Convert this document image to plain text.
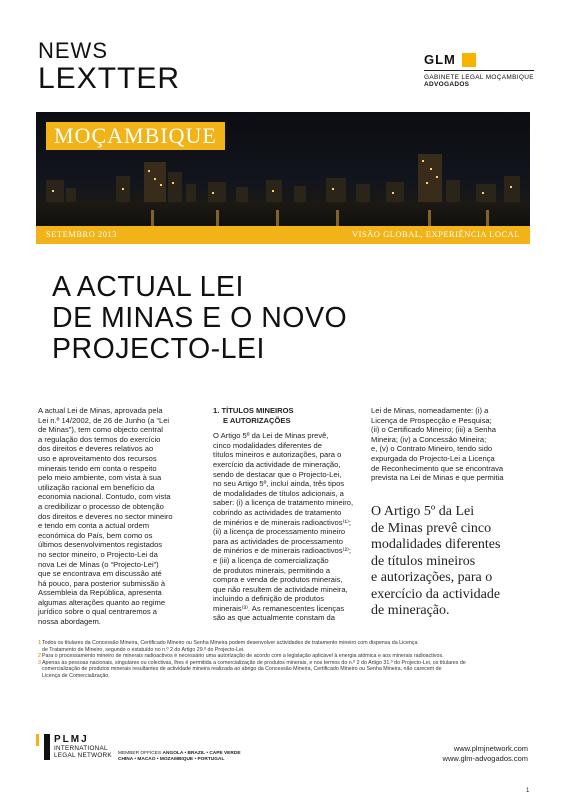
NEWS
LEXTTER
GLM
GABINETE LEGAL MOÇAMBIQUE
ADVOGADOS
MOÇAMBIQUE
SETEMBRO 2013	VISÃO GLOBAL, EXPERIÊNCIA LOCAL
A ACTUAL LEI
DE MINAS E O NOVO
PROJECTO-LEI
A actual Lei de Minas, aprovada pela
Lei n.º 14/2002, de 26 de Junho (a “Lei
de Minas”), tem como objecto central
a regulação dos termos do exercício
dos direitos e deveres relativos ao
uso e aproveitamento dos recursos
minerais tendo em conta o respeito
pelo meio ambiente, com vista à sua
utilização racional em benefício da
economia nacional. Contudo, com vista
a credibilizar o processo de obtenção
dos direitos e deveres no sector mineiro
e tendo em conta a actual ordem
económica do País, bem como os
últimos desenvolvimentos registados
no sector mineiro, o Projecto-Lei da
nova Lei de Minas (o “Projecto-Lei”)
que se encontrava em discussão até
há pouco, para posterior submissão à
Assembleia da República, apresenta
algumas alterações quanto ao regime
jurídico sobre o qual centraremos a
nossa abordagem.
1. TÍTULOS MINEIROS
E AUTORIZAÇÕES
O Artigo 5º da Lei de Minas prevê,
cinco modalidades diferentes de
títulos mineiros e autorizações, para o
exercício da actividade de mineração,
sendo de destacar que o Projecto-Lei,
no seu Artigo 5º, incluí ainda, três tipos
de modalidades de títulos adicionais, a
saber: (i) a licença de tratamento mineiro,
cobrindo as actividades de tratamento
de minérios e de minerais radioactivos⁽¹⁾;
(ii) a licença de processamento mineiro
para as actividades de processamento
de minérios e de minerais radioactivos⁽²⁾;
e (iii) a licença de comercialização
de produtos minerais, permitindo a
compra e venda de produtos minerais,
que não resultem de actividade mineira,
incluindo a definição de produtos
minerais⁽³⁾. As remanescentes licenças
são as que actualmente constam da
Lei de Minas, nomeadamente: (i) a
Licença de Prospecção e Pesquisa;
(ii) o Certificado Mineiro; (iii) a Senha
Mineira; (iv) a Concessão Mineira;
e, (v) o Contrato Mineiro, tendo sido
expurgada do Projecto-Lei a Licença
de Reconhecimento que se encontrava
prevista na Lei de Minas e que permitia
O Artigo 5º da Lei
de Minas prevê cinco
modalidades diferentes
de títulos mineiros
e autorizações, para o
exercício da actividade
de mineração.
1 Todos os titulares da Concessão Mineira, Certificado Mineiro ou Senha Mineira podem desenvolver actividades de tratamento mineiro com dispensa da Licença
de Tratamento de Mineiro, segundo o estatuído no n.º 2 do Artigo 29.º do Projecto-Lei.
2 Para o processamento mineiro de minerais radioactivos é necessário uma autorização de acordo com a legislação aplicável à energia atómica e aos minerais radioactivos.
3 Apenas às pessoas nacionais, singulares ou colectivas, lhes é permitida a comercialização de produtos minerais, e nos termos do n.º 2 do Artigo 31.º do Projecto-Lei, os titulares de
comercialização de produtos minerais resultantes de actividade mineira realizada ao abrigo da Concessão Mineira, Certificado Mineiro ou Senha Mineira, não carecem de
Licença de Comercialização.
PLMJ
INTERNATIONAL
LEGAL NETWORK MEMBER OFFICES ANGOLA • BRAZIL • CAPE VERDE
CHINA • MACAO • MOZAMBIQUE • PORTUGAL
www.plmjnetwork.com
www.glm-advogados.com
1
